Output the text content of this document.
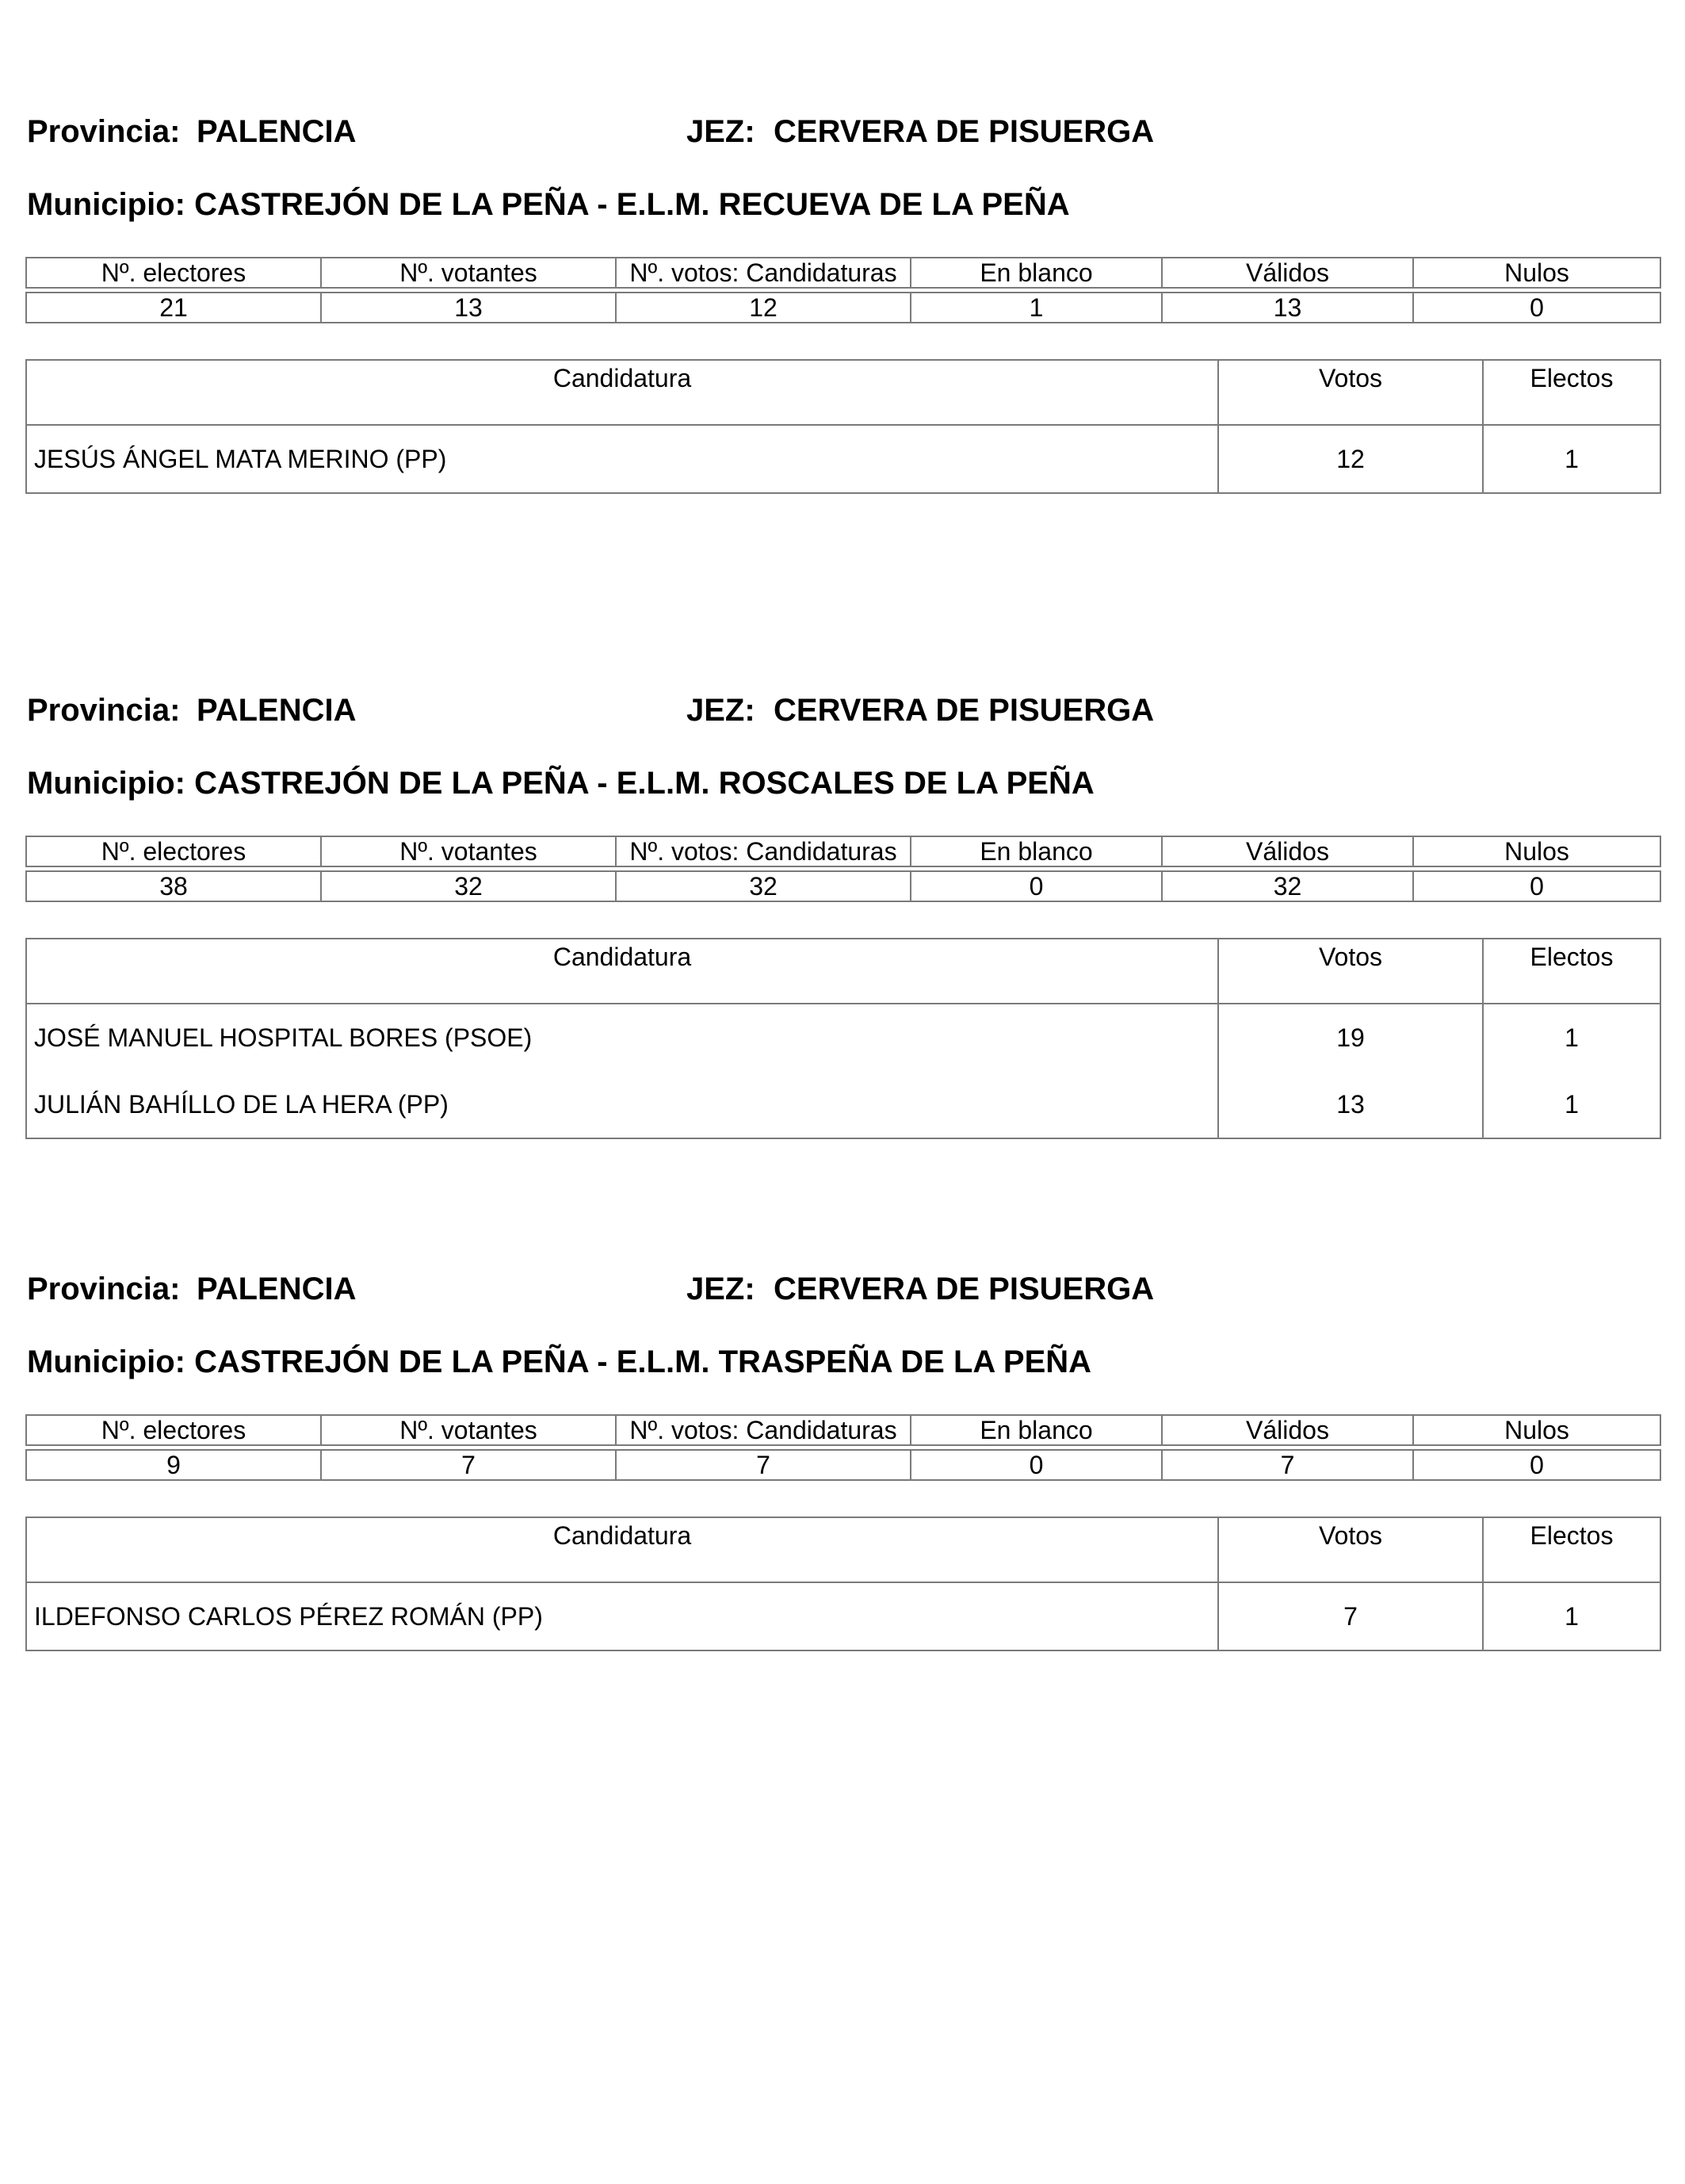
Provincia: PALENCIA	JEZ: CERVERA DE PISUERGA
Municipio: CASTREJÓN DE LA PEÑA - E.L.M. RECUEVA DE LA PEÑA
Nº. electores	Nº. votantes	Nº. votos: Candidaturas	En blanco	Válidos	Nulos
21	13	12	1	13	0
Candidatura	Votos	Electos
JESÚS ÁNGEL MATA MERINO (PP)	12	1
Provincia: PALENCIA	JEZ: CERVERA DE PISUERGA
Municipio: CASTREJÓN DE LA PEÑA - E.L.M. ROSCALES DE LA PEÑA
Nº. electores	Nº. votantes	Nº. votos: Candidaturas	En blanco	Válidos	Nulos
38	32	32	0	32	0
Candidatura	Votos	Electos
JOSÉ MANUEL HOSPITAL BORES (PSOE)	19	1
JULIÁN BAHÍLLO DE LA HERA (PP)	13	1
Provincia: PALENCIA	JEZ: CERVERA DE PISUERGA
Municipio: CASTREJÓN DE LA PEÑA - E.L.M. TRASPEÑA DE LA PEÑA
Nº. electores	Nº. votantes	Nº. votos: Candidaturas	En blanco	Válidos	Nulos
9	7	7	0	7	0
Candidatura	Votos	Electos
ILDEFONSO CARLOS PÉREZ ROMÁN (PP)	7	1
